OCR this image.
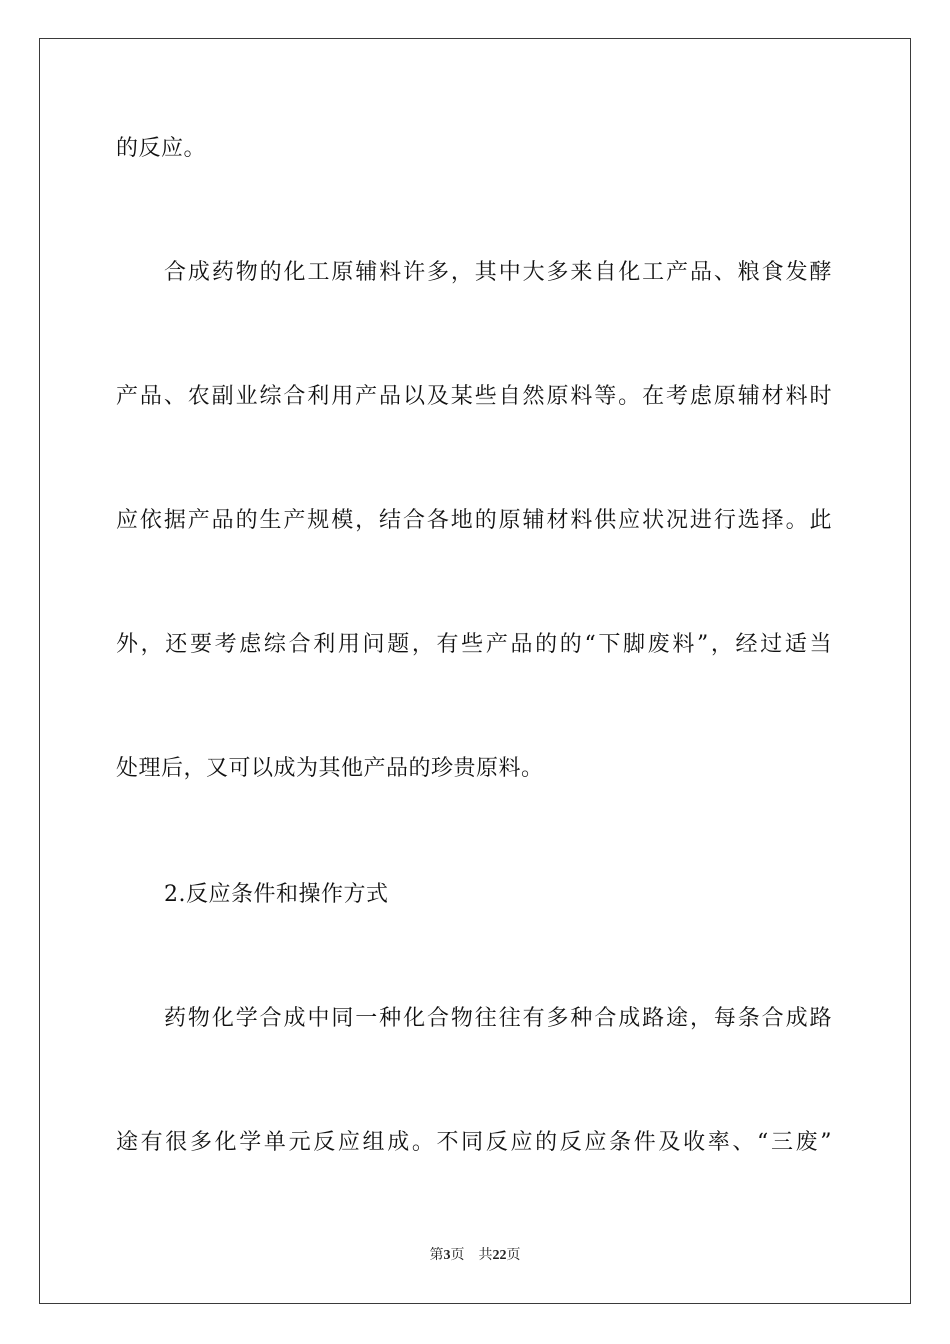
的反应。
合成药物的化工原辅料许多，其中大多来自化工产品、粮食发酵
产品、农副业综合利用产品以及某些自然原料等。在考虑原辅材料时
应依据产品的生产规模，结合各地的原辅材料供应状况进行选择。此
外，还要考虑综合利用问题，有些产品的的“下脚废料”，经过适当
处理后，又可以成为其他产品的珍贵原料。
2.反应条件和操作方式
药物化学合成中同一种化合物往往有多种合成路途，每条合成路
途有很多化学单元反应组成。不同反应的反应条件及收率、“三废”
第3页 共22页
